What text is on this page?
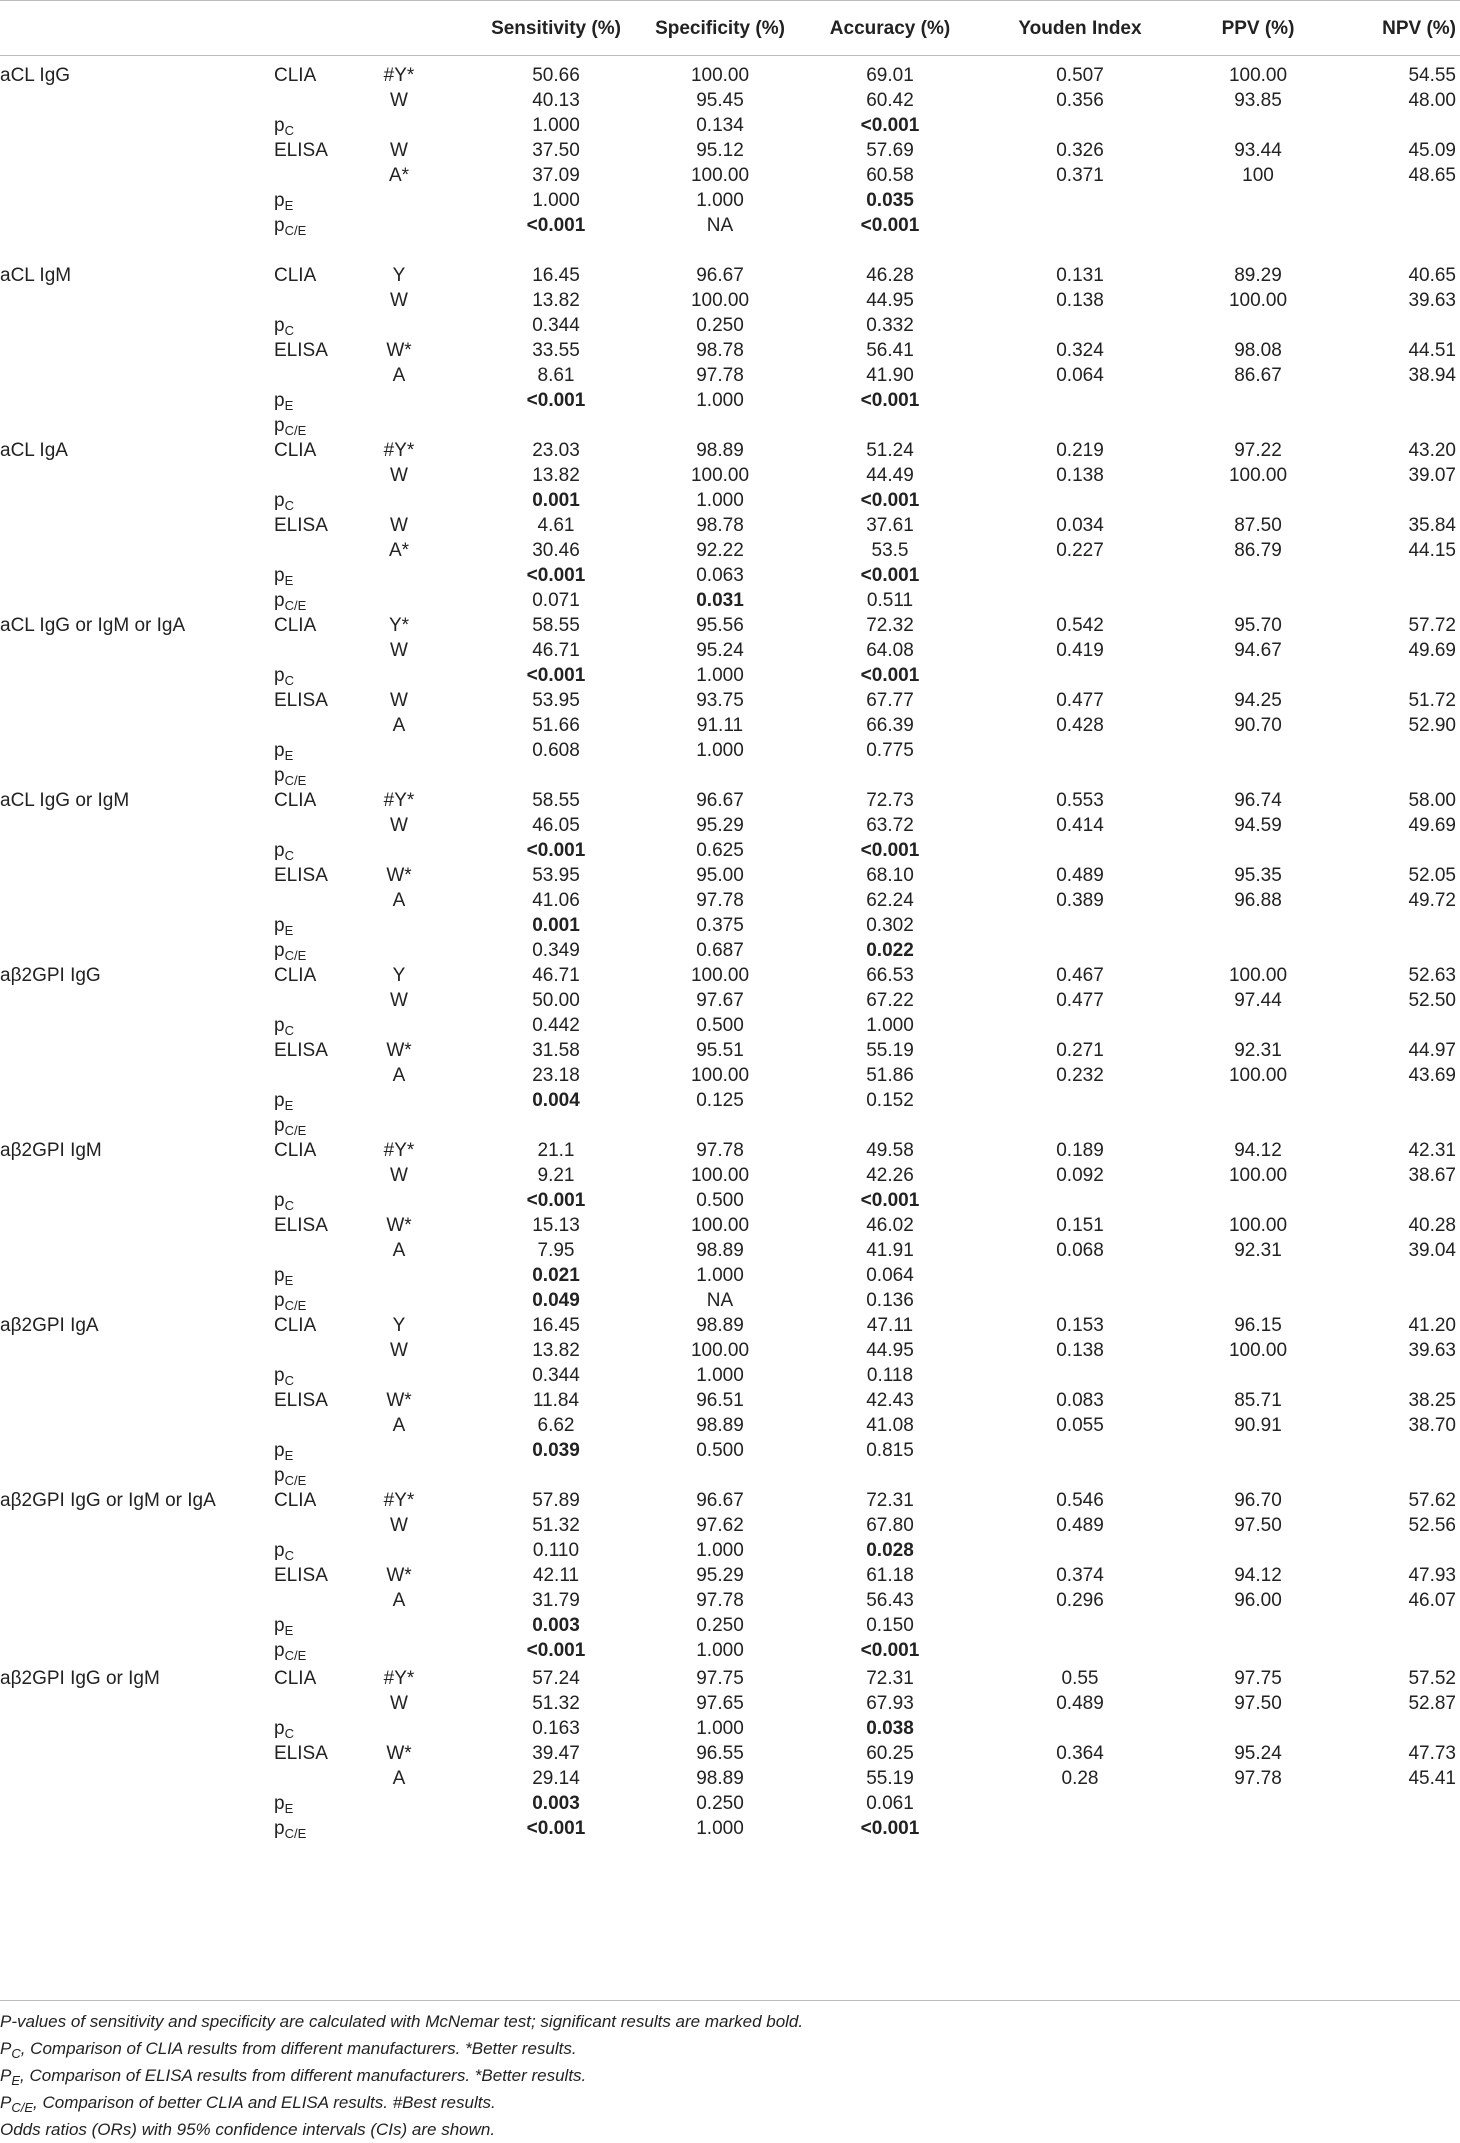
Sensitivity (%)	Specificity (%)	Accuracy (%)	Youden Index	PPV (%)	NPV (%)
aCL IgG	CLIA	#Y*	50.66	100.00	69.01	0.507	100.00	54.55
W	40.13	95.45	60.42	0.356	93.85	48.00
$p_C$	1.000	0.134	<0.001
ELISA	W	37.50	95.12	57.69	0.326	93.44	45.09
A*	37.09	100.00	60.58	0.371	100	48.65
$p_E$	1.000	1.000	0.035
$p_{C/E}$	<0.001	NA	<0.001
aCL IgM	CLIA	Y	16.45	96.67	46.28	0.131	89.29	40.65
W	13.82	100.00	44.95	0.138	100.00	39.63
$p_C$	0.344	0.250	0.332
ELISA	W*	33.55	98.78	56.41	0.324	98.08	44.51
A	8.61	97.78	41.90	0.064	86.67	38.94
$p_E$	<0.001	1.000	<0.001
$p_{C/E}$
aCL IgA	CLIA	#Y*	23.03	98.89	51.24	0.219	97.22	43.20
W	13.82	100.00	44.49	0.138	100.00	39.07
$p_C$	0.001	1.000	<0.001
ELISA	W	4.61	98.78	37.61	0.034	87.50	35.84
A*	30.46	92.22	53.5	0.227	86.79	44.15
$p_E$	<0.001	0.063	<0.001
$p_{C/E}$	0.071	0.031	0.511
aCL IgG or IgM or IgA	CLIA	Y*	58.55	95.56	72.32	0.542	95.70	57.72
W	46.71	95.24	64.08	0.419	94.67	49.69
$p_C$	<0.001	1.000	<0.001
ELISA	W	53.95	93.75	67.77	0.477	94.25	51.72
A	51.66	91.11	66.39	0.428	90.70	52.90
$p_E$	0.608	1.000	0.775
$p_{C/E}$
aCL IgG or IgM	CLIA	#Y*	58.55	96.67	72.73	0.553	96.74	58.00
W	46.05	95.29	63.72	0.414	94.59	49.69
$p_C$	<0.001	0.625	<0.001
ELISA	W*	53.95	95.00	68.10	0.489	95.35	52.05
A	41.06	97.78	62.24	0.389	96.88	49.72
$p_E$	0.001	0.375	0.302
$p_{C/E}$	0.349	0.687	0.022
aβ2GPI IgG	CLIA	Y	46.71	100.00	66.53	0.467	100.00	52.63
W	50.00	97.67	67.22	0.477	97.44	52.50
$p_C$	0.442	0.500	1.000
ELISA	W*	31.58	95.51	55.19	0.271	92.31	44.97
A	23.18	100.00	51.86	0.232	100.00	43.69
$p_E$	0.004	0.125	0.152
$p_{C/E}$
aβ2GPI IgM	CLIA	#Y*	21.1	97.78	49.58	0.189	94.12	42.31
W	9.21	100.00	42.26	0.092	100.00	38.67
$p_C$	<0.001	0.500	<0.001
ELISA	W*	15.13	100.00	46.02	0.151	100.00	40.28
A	7.95	98.89	41.91	0.068	92.31	39.04
$p_E$	0.021	1.000	0.064
$p_{C/E}$	0.049	NA	0.136
aβ2GPI IgA	CLIA	Y	16.45	98.89	47.11	0.153	96.15	41.20
W	13.82	100.00	44.95	0.138	100.00	39.63
$p_C$	0.344	1.000	0.118
ELISA	W*	11.84	96.51	42.43	0.083	85.71	38.25
A	6.62	98.89	41.08	0.055	90.91	38.70
$p_E$	0.039	0.500	0.815
$p_{C/E}$
aβ2GPI IgG or IgM or IgA	CLIA	#Y*	57.89	96.67	72.31	0.546	96.70	57.62
W	51.32	97.62	67.80	0.489	97.50	52.56
$p_C$	0.110	1.000	0.028
ELISA	W*	42.11	95.29	61.18	0.374	94.12	47.93
A	31.79	97.78	56.43	0.296	96.00	46.07
$p_E$	0.003	0.250	0.150
$p_{C/E}$	<0.001	1.000	<0.001
aβ2GPI IgG or IgM	CLIA	#Y*	57.24	97.75	72.31	0.55	97.75	57.52
W	51.32	97.65	67.93	0.489	97.50	52.87
$p_C$	0.163	1.000	0.038
ELISA	W*	39.47	96.55	60.25	0.364	95.24	47.73
A	29.14	98.89	55.19	0.28	97.78	45.41
$p_E$	0.003	0.250	0.061
$p_{C/E}$	<0.001	1.000	<0.001
P-values of sensitivity and specificity are calculated with McNemar test; significant results are marked bold.
$P_C$, Comparison of CLIA results from different manufacturers. *Better results.
$P_E$, Comparison of ELISA results from different manufacturers. *Better results.
$P_{C/E}$, Comparison of better CLIA and ELISA results. #Best results.
Odds ratios (ORs) with 95% confidence intervals (CIs) are shown.
